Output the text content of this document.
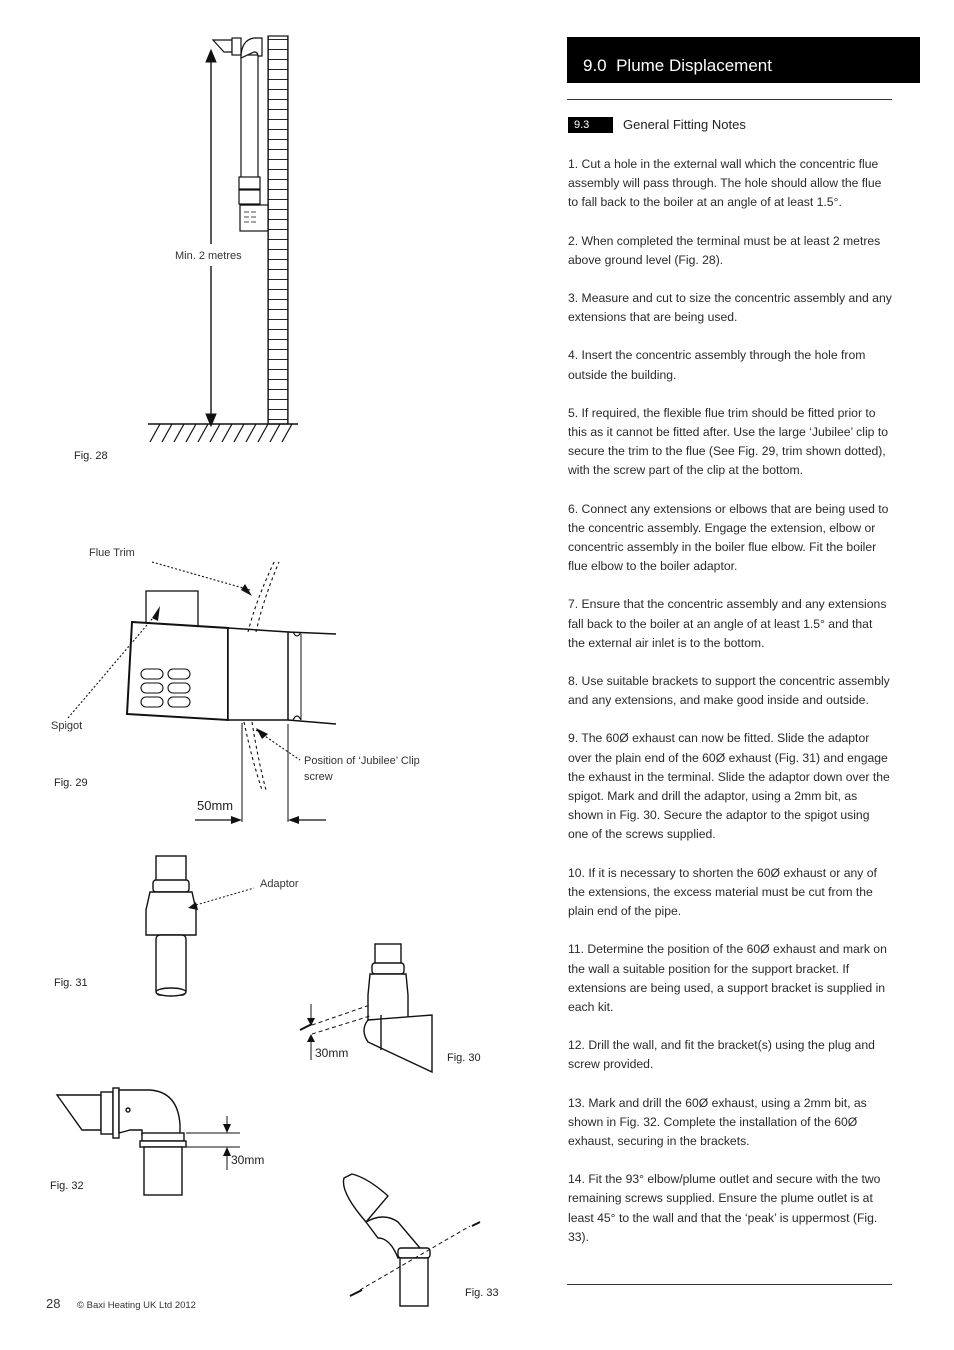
Min. 2 metres
Fig. 28
Flue Trim
Spigot
Position of ‘Jubilee’ Clip
screw
Fig. 29
50mm
Adaptor
Fig. 31
30mm	Fig. 30
30mm
Fig. 32
Fig. 33
9.0  Plume Displacement
9.3	General Fitting Notes

1. Cut a hole in the external wall which the concentric flue assembly will pass through. The hole should allow the flue to fall back to the boiler at an angle of at least 1.5°.

2. When completed the terminal must be at least 2 metres above ground level (Fig. 28).

3. Measure and cut to size the concentric assembly and any extensions that are being used.

4. Insert the concentric assembly through the hole from outside the building.

5. If required, the flexible flue trim should be fitted prior to this as it cannot be fitted after. Use the large ‘Jubilee’ clip to secure the trim to the flue (See Fig. 29, trim shown dotted), with the screw part of the clip at the bottom.

6. Connect any extensions or elbows that are being used to the concentric assembly. Engage the extension, elbow or concentric assembly in the boiler flue elbow. Fit the boiler flue elbow to the boiler adaptor.

7. Ensure that the concentric assembly and any extensions fall back to the boiler at an angle of at least 1.5° and that the external air inlet is to the bottom.

8. Use suitable brackets to support the concentric assembly and any extensions, and make good inside and outside.

9. The 60Ø exhaust can now be fitted. Slide the adaptor over the plain end of the 60Ø exhaust (Fig. 31) and engage the exhaust in the terminal. Slide the adaptor down over the spigot. Mark and drill the adaptor, using a 2mm bit, as shown in Fig. 30. Secure the adaptor to the spigot using one of the screws supplied.

10. If it is necessary to shorten the 60Ø exhaust or any of the extensions, the excess material must be cut from the plain end of the pipe.

11. Determine the position of the 60Ø exhaust and mark on the wall a suitable position for the support bracket. If extensions are being used, a support bracket is supplied in each kit.

12. Drill the wall, and fit the bracket(s) using the plug and screw provided.

13. Mark and drill the 60Ø exhaust, using a 2mm bit, as shown in Fig. 32. Complete the installation of the 60Ø exhaust, securing in the brackets.

14. Fit the 93° elbow/plume outlet and secure with the two remaining screws supplied. Ensure the plume outlet is at least 45° to the wall and that the ‘peak’ is uppermost (Fig. 33).

28 © Baxi Heating UK Ltd 2012
